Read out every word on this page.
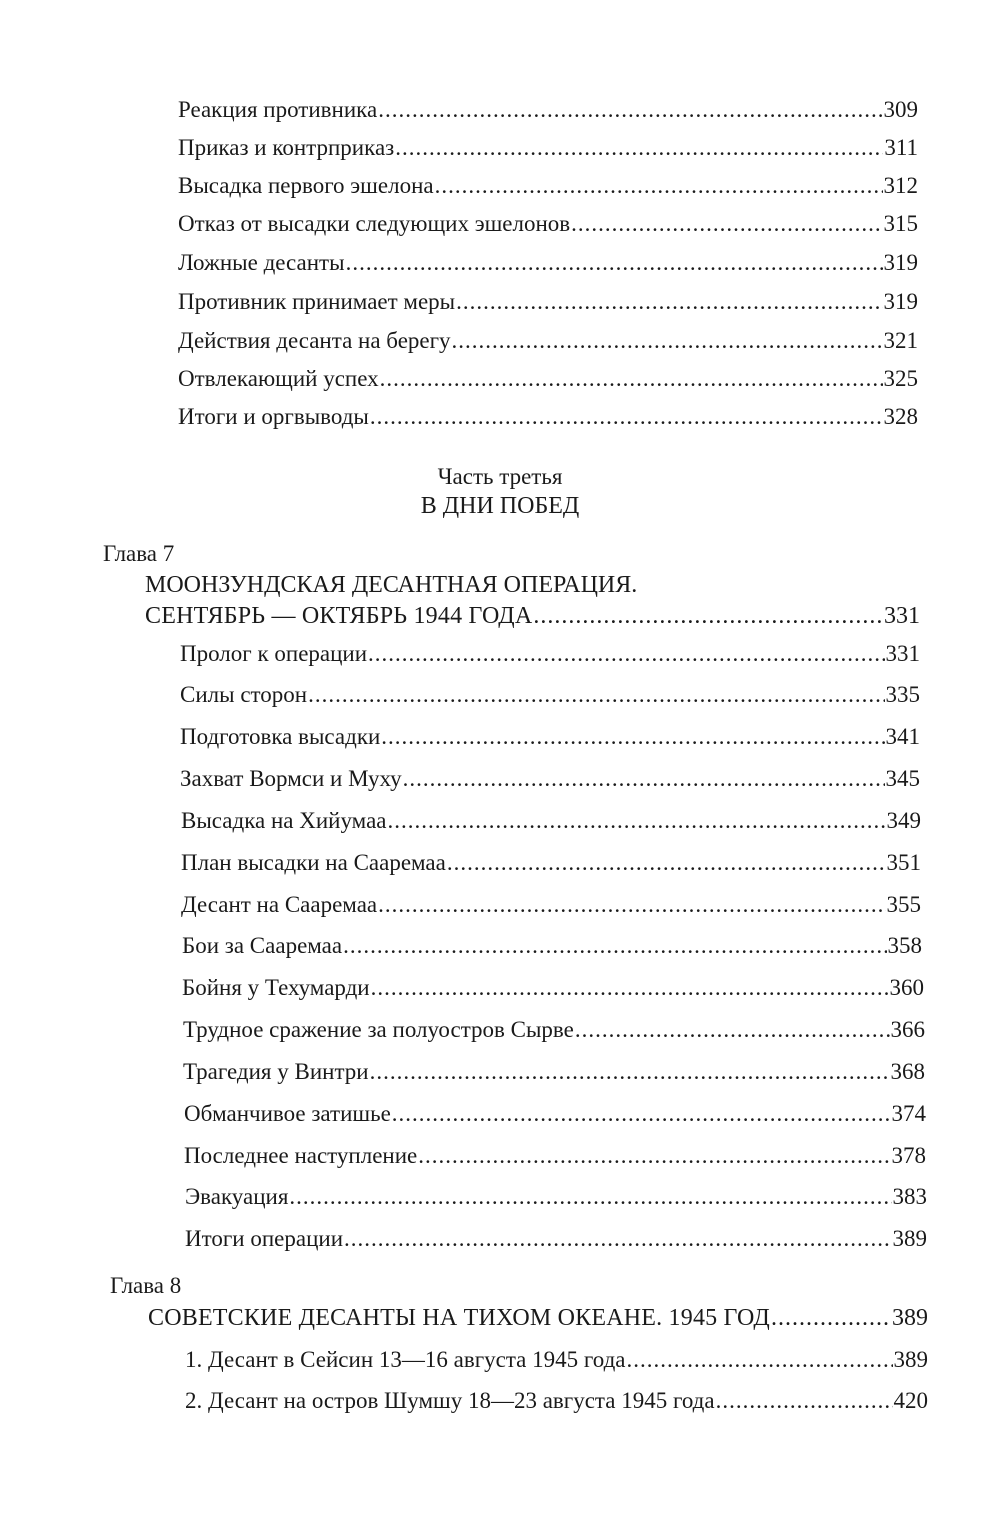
Реакция противника .....	309
Приказ и контрприказ .....	311
Высадка первого эшелона .....	312
Отказ от высадки следующих эшелонов .....	315
Ложные десанты .....	319
Противник принимает меры .....	319
Действия десанта на берегу .....	321
Отвлекающий успех .....	325
Итоги и оргвыводы .....	328
Часть третья
В ДНИ ПОБЕД
Глава 7
МООНЗУНДСКАЯ ДЕСАНТНАЯ ОПЕРАЦИЯ.
СЕНТЯБРЬ — ОКТЯБРЬ 1944 ГОДА .....	331
Пролог к операции .....	331
Силы сторон .....	335
Подготовка высадки .....	341
Захват Вормси и Муху .....	345
Высадка на Хийумаа .....	349
План высадки на Сааремаа .....	351
Десант на Сааремаа .....	355
Бои за Сааремаа .....	358
Бойня у Техумарди .....	360
Трудное сражение за полуостров Сырве .....	366
Трагедия у Винтри .....	368
Обманчивое затишье .....	374
Последнее наступление .....	378
Эвакуация .....	383
Итоги операции .....	389
Глава 8
СОВЕТСКИЕ ДЕСАНТЫ НА ТИХОМ ОКЕАНЕ. 1945 ГОД .....	389
1. Десант в Сейсин 13—16 августа 1945 года .....	389
2. Десант на остров Шумшу 18—23 августа 1945 года .....	420
